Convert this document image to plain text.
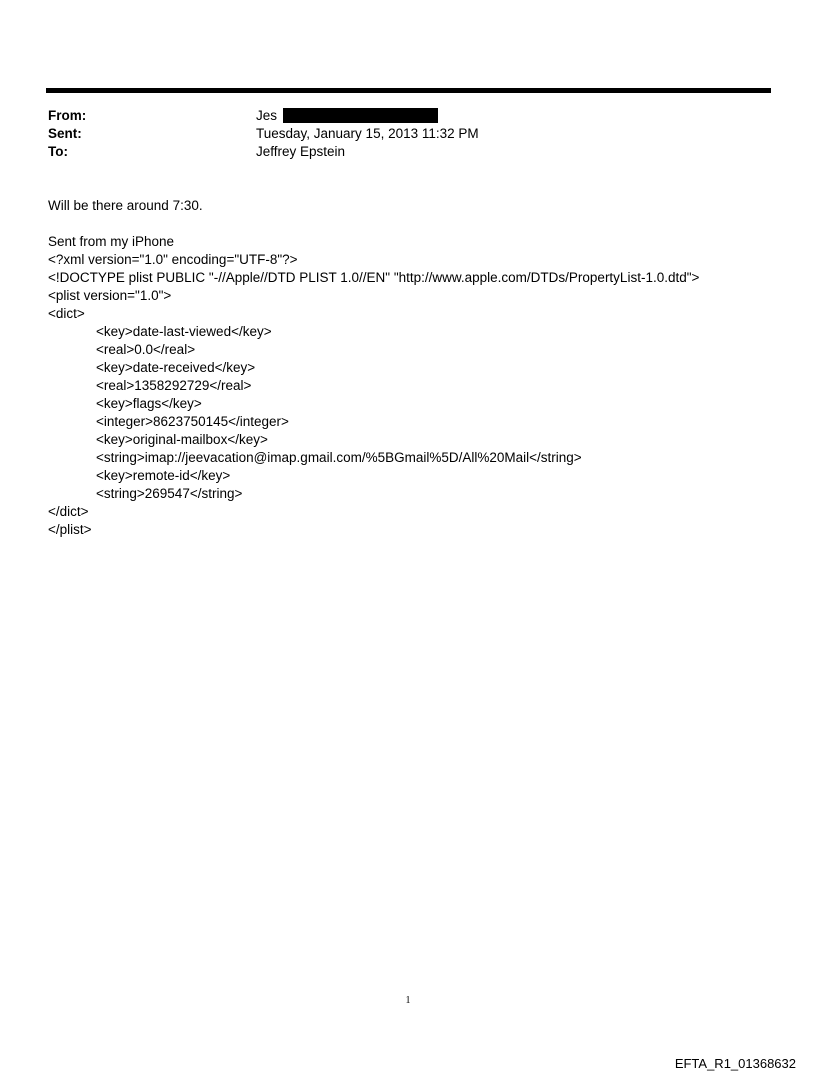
From:	Jes
Sent:	Tuesday, January 15, 2013 11:32 PM
To:	Jeffrey Epstein
Will be there around 7:30.
Sent from my iPhone
<?xml version="1.0" encoding="UTF-8"?>
<!DOCTYPE plist PUBLIC "-//Apple//DTD PLIST 1.0//EN" "http://www.apple.com/DTDs/PropertyList-1.0.dtd">
<plist version="1.0">
<dict>
<key>date-last-viewed</key>
<real>0.0</real>
<key>date-received</key>
<real>1358292729</real>
<key>flags</key>
<integer>8623750145</integer>
<key>original-mailbox</key>
<string>imap://jeevacation@imap.gmail.com/%5BGmail%5D/All%20Mail</string>
<key>remote-id</key>
<string>269547</string>
</dict>
</plist>
1
EFTA_R1_01368632
